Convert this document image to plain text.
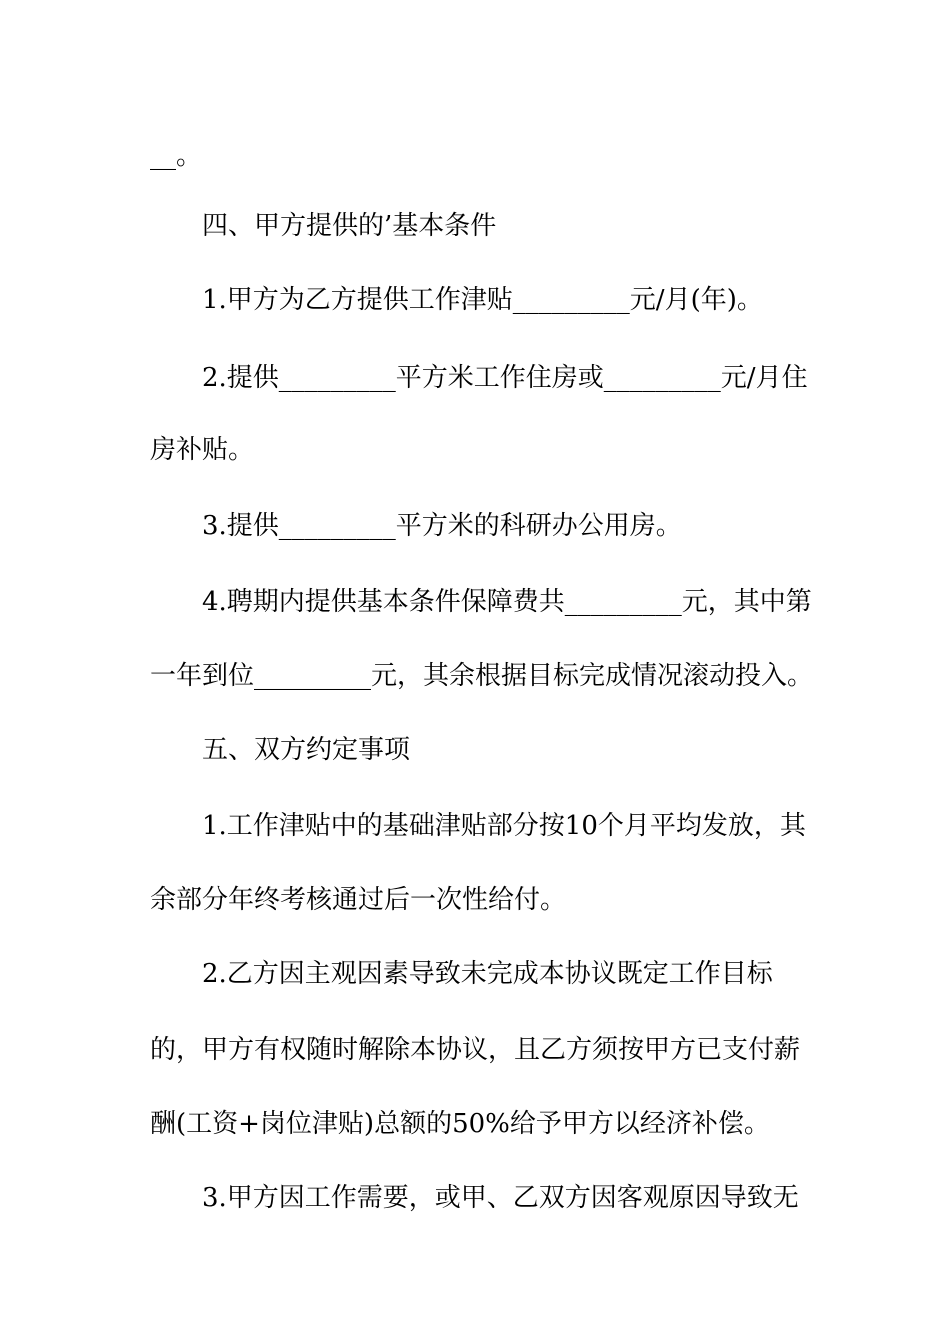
__。
四、甲方提供的’基本条件
1.甲方为乙方提供工作津贴_________元/月(年)。
2.提供_________平方米工作住房或_________元/月住
房补贴。
3.提供_________平方米的科研办公用房。
4.聘期内提供基本条件保障费共_________元，其中第
一年到位_________元，其余根据目标完成情况滚动投入。
五、双方约定事项
1.工作津贴中的基础津贴部分按10个月平均发放，其
余部分年终考核通过后一次性给付。
2.乙方因主观因素导致未完成本协议既定工作目标
的，甲方有权随时解除本协议，且乙方须按甲方已支付薪
酬(工资+岗位津贴)总额的50%给予甲方以经济补偿。
3.甲方因工作需要，或甲、乙双方因客观原因导致无
